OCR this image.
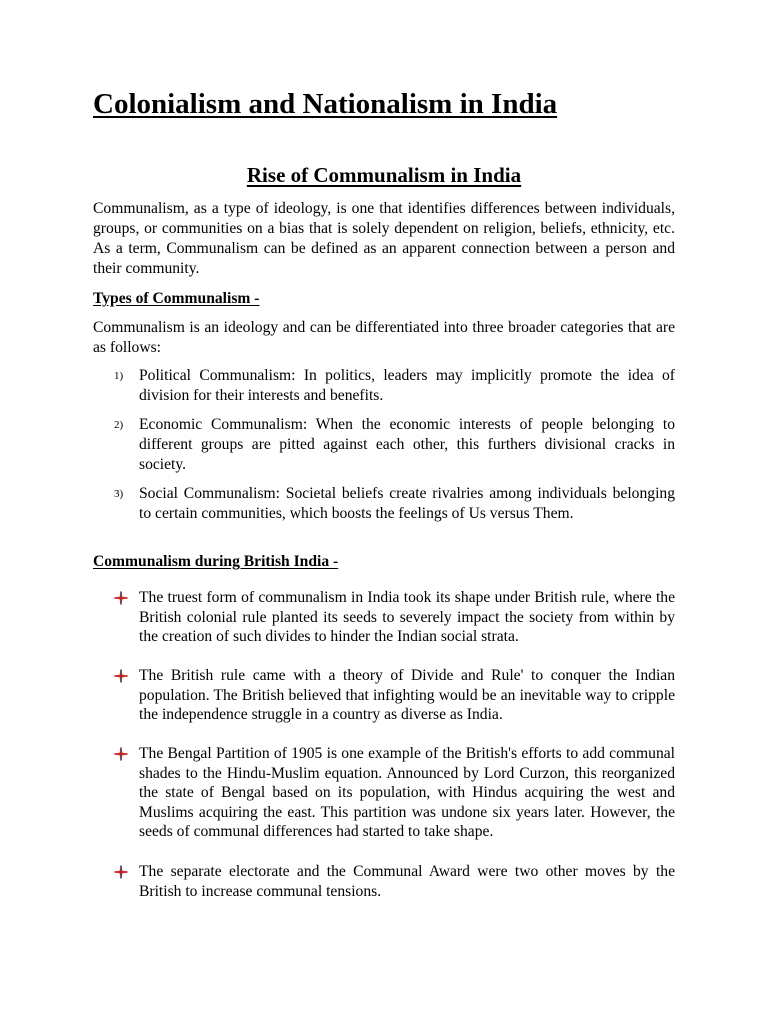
Colonialism and Nationalism in India
Rise of Communalism in India

Communalism, as a type of ideology, is one that identifies differences between individuals, groups, or communities on a bias that is solely dependent on religion, beliefs, ethnicity, etc. As a term, Communalism can be defined as an apparent connection between a person and their community.

Types of Communalism -

Communalism is an ideology and can be differentiated into three broader categories that are as follows:

1) Political Communalism: In politics, leaders may implicitly promote the idea of division for their interests and benefits.
2) Economic Communalism: When the economic interests of people belonging to different groups are pitted against each other, this furthers divisional cracks in society.
3) Social Communalism: Societal beliefs create rivalries among individuals belonging to certain communities, which boosts the feelings of Us versus Them.

Communalism during British India -

The truest form of communalism in India took its shape under British rule, where the British colonial rule planted its seeds to severely impact the society from within by the creation of such divides to hinder the Indian social strata.
The British rule came with a theory of Divide and Rule' to conquer the Indian population. The British believed that infighting would be an inevitable way to cripple the independence struggle in a country as diverse as India.
The Bengal Partition of 1905 is one example of the British's efforts to add communal shades to the Hindu-Muslim equation. Announced by Lord Curzon, this reorganized the state of Bengal based on its population, with Hindus acquiring the west and Muslims acquiring the east. This partition was undone six years later. However, the seeds of communal differences had started to take shape.
The separate electorate and the Communal Award were two other moves by the British to increase communal tensions.
